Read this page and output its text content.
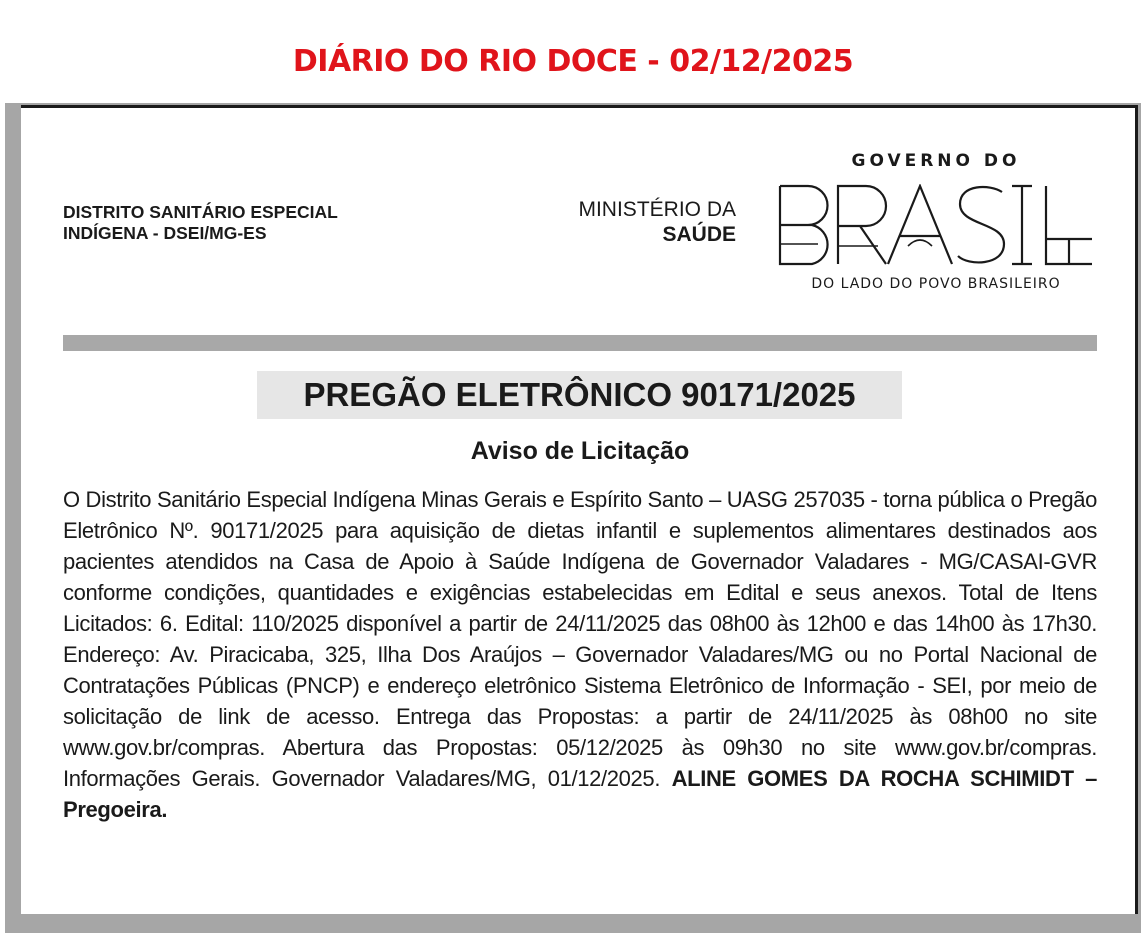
DIÁRIO DO RIO DOCE - 02/12/2025
DISTRITO SANITÁRIO ESPECIAL
INDÍGENA - DSEI/MG-ES
MINISTÉRIO DA
SAÚDE
GOVERNO DO
DO LADO DO POVO BRASILEIRO
PREGÃO ELETRÔNICO 90171/2025
Aviso de Licitação
O Distrito Sanitário Especial Indígena Minas Gerais e Espírito Santo – UASG 257035 - torna pública o Pregão Eletrônico Nº. 90171/2025 para aquisição de dietas infantil e suplementos alimentares destinados aos pacientes atendidos na Casa de Apoio à Saúde Indígena de Governador Valadares - MG/CASAI-GVR conforme condições, quantidades e exigências estabelecidas em Edital e seus anexos. Total de Itens Licitados: 6. Edital: 110/2025 disponível a partir de 24/11/2025 das 08h00 às 12h00 e das 14h00 às 17h30. Endereço: Av. Piracicaba, 325, Ilha Dos Araújos – Governador Valadares/MG ou no Portal Nacional de Contratações Públicas (PNCP) e endereço eletrônico Sistema Eletrônico de Informação - SEI, por meio de solicitação de link de acesso. Entrega das Propostas: a partir de 24/11/2025 às 08h00 no site www.gov.br/compras. Abertura das Propostas: 05/12/2025 às 09h30 no site www.gov.br/compras. Informações Gerais. Governador Valadares/MG, 01/12/2025. ALINE GOMES DA ROCHA SCHIMIDT – Pregoeira.
